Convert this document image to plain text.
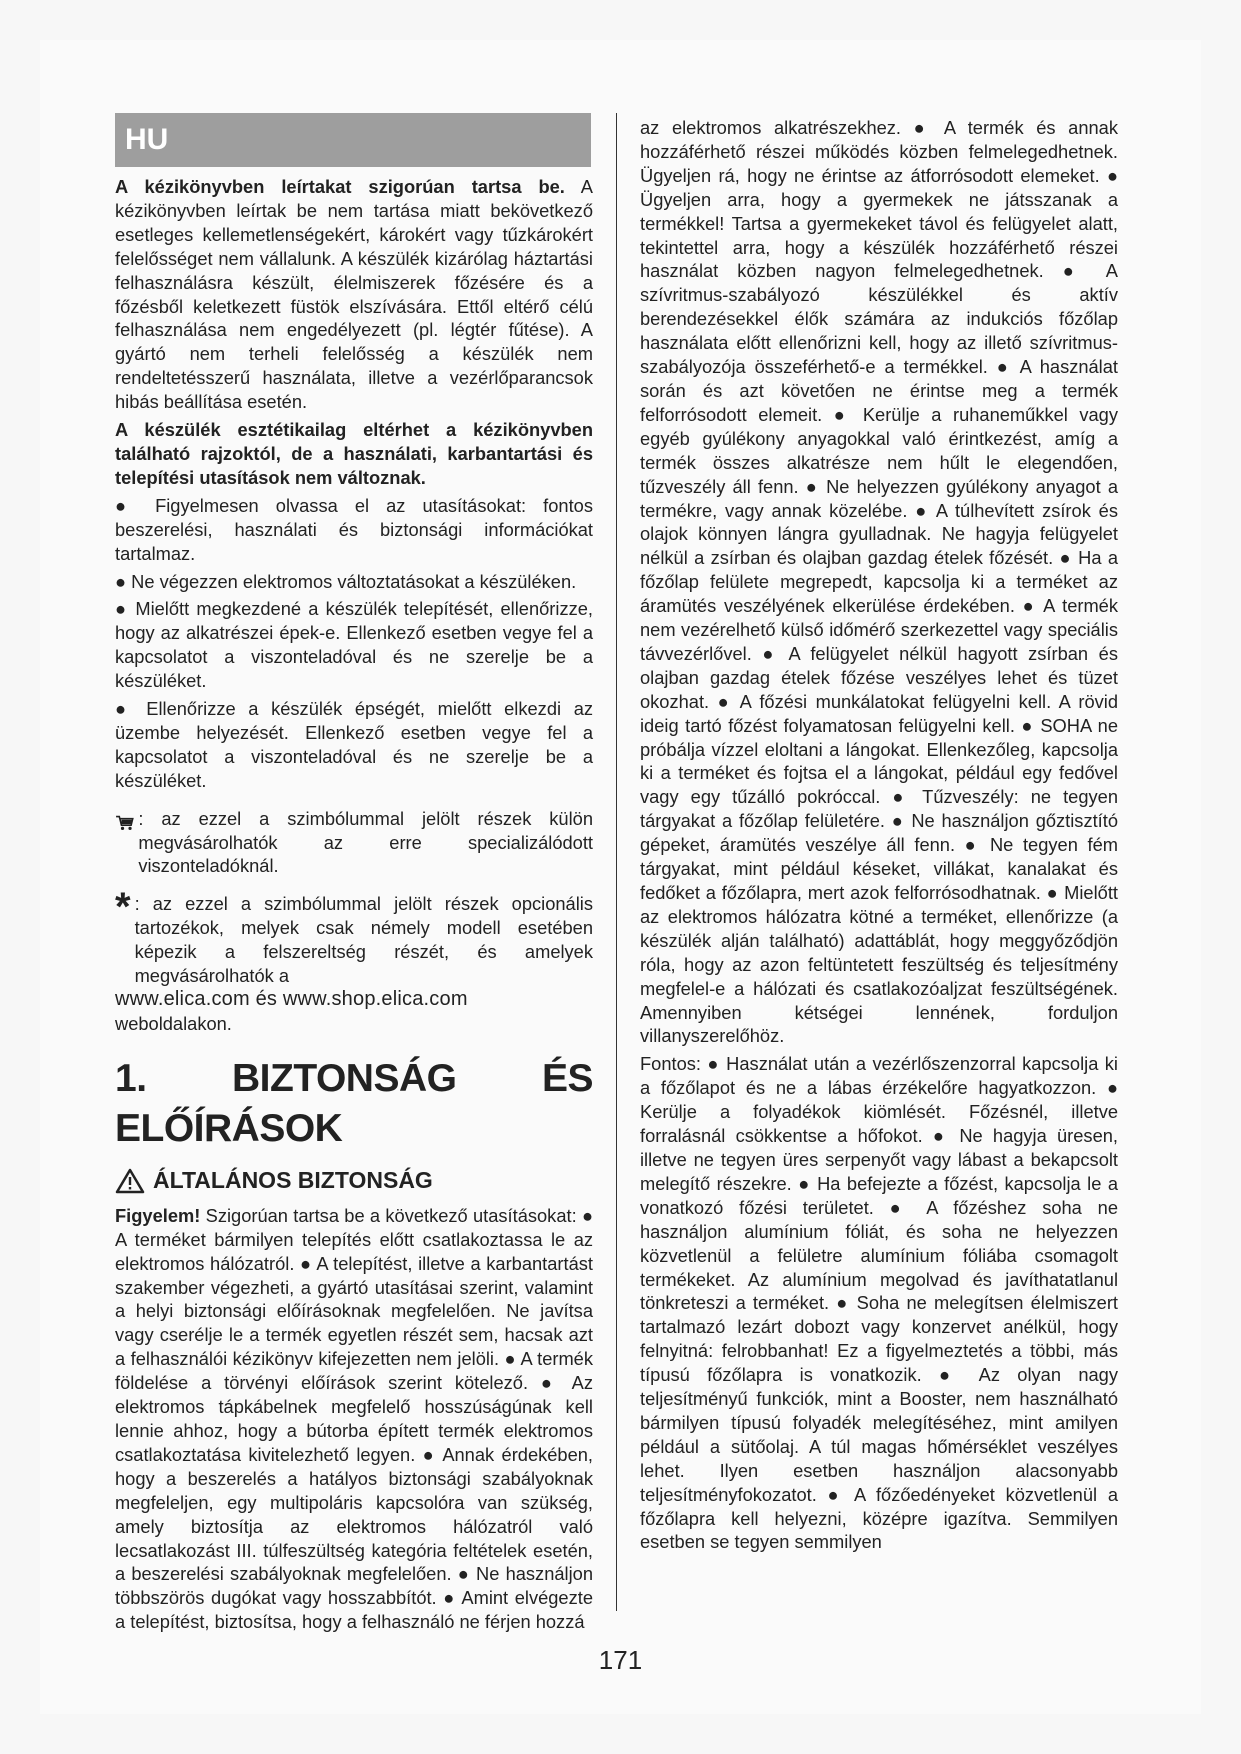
HU

A kézikönyvben leírtakat szigorúan tartsa be. A kézikönyvben leírtak be nem tartása miatt bekövetkező esetleges kellemetlenségekért, károkért vagy tűzkárokért felelősséget nem vállalunk. A készülék kizárólag háztartási felhasználásra készült, élelmiszerek főzésére és a főzésből keletkezett füstök elszívására. Ettől eltérő célú felhasználása nem engedélyezett (pl. légtér fűtése). A gyártó nem terheli felelősség a készülék nem rendeltetésszerű használata, illetve a vezérlőparancsok hibás beállítása esetén.

A készülék esztétikailag eltérhet a kézikönyvben található rajzoktól, de a használati, karbantartási és telepítési utasítások nem változnak.

● Figyelmesen olvassa el az utasításokat: fontos beszerelési, használati és biztonsági információkat tartalmaz.

● Ne végezzen elektromos változtatásokat a készüléken.

● Mielőtt megkezdené a készülék telepítését, ellenőrizze, hogy az alkatrészei épek-e. Ellenkező esetben vegye fel a kapcsolatot a viszonteladóval és ne szerelje be a készüléket.

● Ellenőrizze a készülék épségét, mielőtt elkezdi az üzembe helyezését. Ellenkező esetben vegye fel a kapcsolatot a viszonteladóval és ne szerelje be a készüléket.

: az ezzel a szimbólummal jelölt részek külön megvásárolhatók az erre specializálódott viszonteladóknál.
* : az ezzel a szimbólummal jelölt részek opcionális tartozékok, melyek csak némely modell esetében képezik a felszereltség részét, és amelyek megvásárolhatók a

www.elica.com és www.shop.elica.com

weboldalakon.

1. BIZTONSÁG ÉS ELŐÍRÁSOK
ÁLTALÁNOS BIZTONSÁG

Figyelem! Szigorúan tartsa be a következő utasításokat: ● A terméket bármilyen telepítés előtt csatlakoztassa le az elektromos hálózatról. ● A telepítést, illetve a karbantartást szakember végezheti, a gyártó utasításai szerint, valamint a helyi biztonsági előírásoknak megfelelően. Ne javítsa vagy cserélje le a termék egyetlen részét sem, hacsak azt a felhasználói kézikönyv kifejezetten nem jelöli. ● A termék földelése a törvényi előírások szerint kötelező. ● Az elektromos tápkábelnek megfelelő hosszúságúnak kell lennie ahhoz, hogy a bútorba épített termék elektromos csatlakoztatása kivitelezhető legyen. ● Annak érdekében, hogy a beszerelés a hatályos biztonsági szabályoknak megfeleljen, egy multipoláris kapcsolóra van szükség, amely biztosítja az elektromos hálózatról való lecsatlakozást III. túlfeszültség kategória feltételek esetén, a beszerelési szabályoknak megfelelően. ● Ne használjon többszörös dugókat vagy hosszabbítót. ● Amint elvégezte a telepítést, biztosítsa, hogy a felhasználó ne férjen hozzá

az elektromos alkatrészekhez. ● A termék és annak hozzáférhető részei működés közben felmelegedhetnek. Ügyeljen rá, hogy ne érintse az átforrósodott elemeket. ● Ügyeljen arra, hogy a gyermekek ne játsszanak a termékkel! Tartsa a gyermekeket távol és felügyelet alatt, tekintettel arra, hogy a készülék hozzáférhető részei használat közben nagyon felmelegedhetnek. ● A szívritmus-szabályozó készülékkel és aktív berendezésekkel élők számára az indukciós főzőlap használata előtt ellenőrizni kell, hogy az illető szívritmus-szabályozója összeférhető-e a termékkel. ● A használat során és azt követően ne érintse meg a termék felforrósodott elemeit. ● Kerülje a ruhaneműkkel vagy egyéb gyúlékony anyagokkal való érintkezést, amíg a termék összes alkatrésze nem hűlt le elegendően, tűzveszély áll fenn. ● Ne helyezzen gyúlékony anyagot a termékre, vagy annak közelébe. ● A túlhevített zsírok és olajok könnyen lángra gyulladnak. Ne hagyja felügyelet nélkül a zsírban és olajban gazdag ételek főzését. ● Ha a főzőlap felülete megrepedt, kapcsolja ki a terméket az áramütés veszélyének elkerülése érdekében. ● A termék nem vezérelhető külső időmérő szerkezettel vagy speciális távvezérlővel. ● A felügyelet nélkül hagyott zsírban és olajban gazdag ételek főzése veszélyes lehet és tüzet okozhat. ● A főzési munkálatokat felügyelni kell. A rövid ideig tartó főzést folyamatosan felügyelni kell. ● SOHA ne próbálja vízzel eloltani a lángokat. Ellenkezőleg, kapcsolja ki a terméket és fojtsa el a lángokat, például egy fedővel vagy egy tűzálló pokróccal. ● Tűzveszély: ne tegyen tárgyakat a főzőlap felületére. ● Ne használjon gőztisztító gépeket, áramütés veszélye áll fenn. ● Ne tegyen fém tárgyakat, mint például késeket, villákat, kanalakat és fedőket a főzőlapra, mert azok felforrósodhatnak. ● Mielőtt az elektromos hálózatra kötné a terméket, ellenőrizze (a készülék alján található) adattáblát, hogy meggyőződjön róla, hogy az azon feltüntetett feszültség és teljesítmény megfelel-e a hálózati és csatlakozóaljzat feszültségének. Amennyiben kétségei lennének, forduljon villanyszerelőhöz.

Fontos: ● Használat után a vezérlőszenzorral kapcsolja ki a főzőlapot és ne a lábas érzékelőre hagyatkozzon. ● Kerülje a folyadékok kiömlését. Főzésnél, illetve forralásnál csökkentse a hőfokot. ● Ne hagyja üresen, illetve ne tegyen üres serpenyőt vagy lábast a bekapcsolt melegítő részekre. ● Ha befejezte a főzést, kapcsolja le a vonatkozó főzési területet. ● A főzéshez soha ne használjon alumínium fóliát, és soha ne helyezzen közvetlenül a felületre alumínium fóliába csomagolt termékeket. Az alumínium megolvad és javíthatatlanul tönkreteszi a terméket. ● Soha ne melegítsen élelmiszert tartalmazó lezárt dobozt vagy konzervet anélkül, hogy felnyitná: felrobbanhat! Ez a figyelmeztetés a többi, más típusú főzőlapra is vonatkozik. ● Az olyan nagy teljesítményű funkciók, mint a Booster, nem használható bármilyen típusú folyadék melegítéséhez, mint amilyen például a sütőolaj. A túl magas hőmérséklet veszélyes lehet. Ilyen esetben használjon alacsonyabb teljesítményfokozatot. ● A főzőedényeket közvetlenül a főzőlapra kell helyezni, középre igazítva. Semmilyen esetben se tegyen semmilyen

171
